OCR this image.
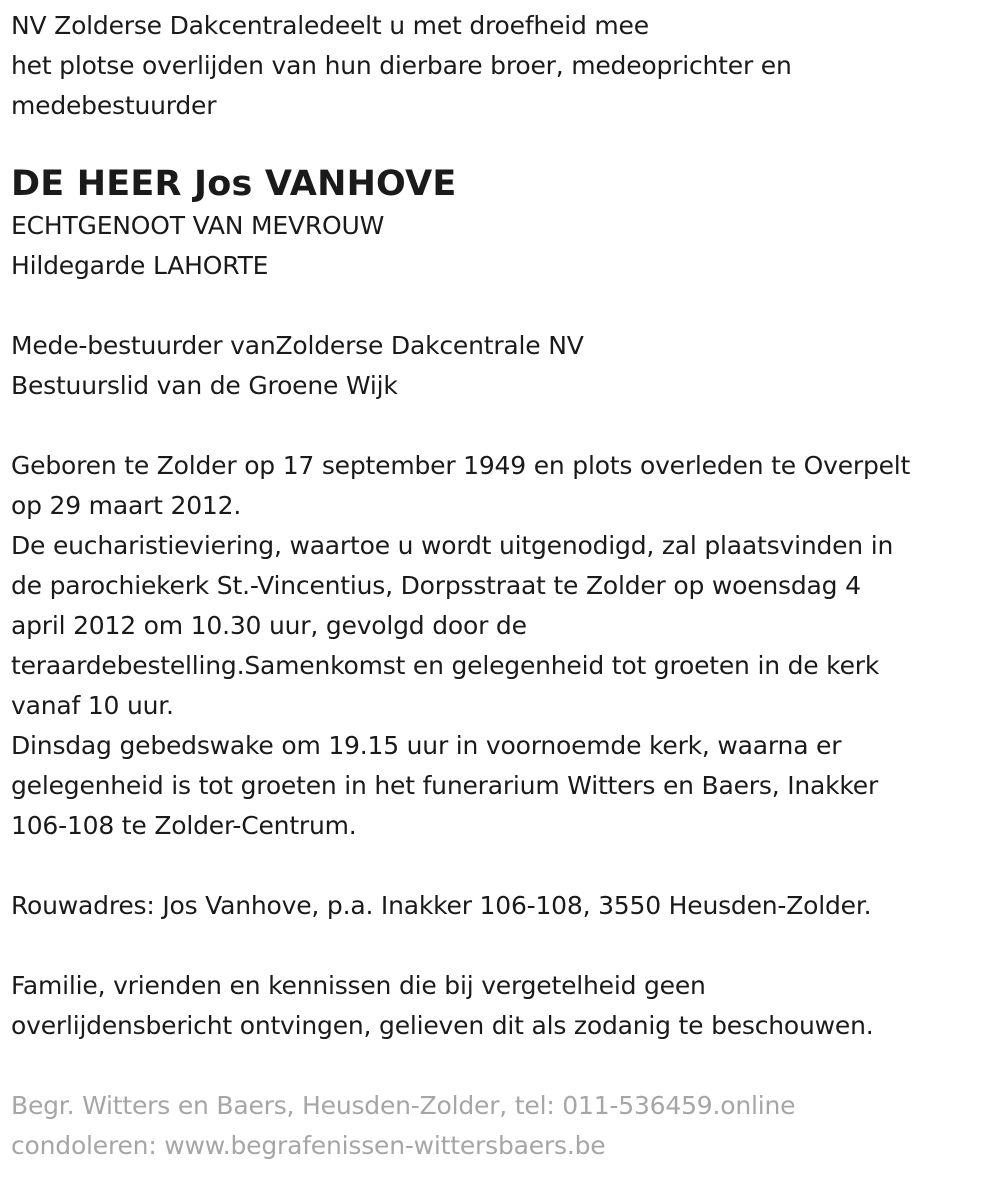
NV Zolderse Dakcentraledeelt u met droefheid mee
het plotse overlijden van hun dierbare broer, medeoprichter en
medebestuurder
DE HEER Jos VANHOVE
ECHTGENOOT VAN MEVROUW
Hildegarde LAHORTE
Mede-bestuurder vanZolderse Dakcentrale NV
Bestuurslid van de Groene Wijk
Geboren te Zolder op 17 september 1949 en plots overleden te Overpelt
op 29 maart 2012.
De eucharistieviering, waartoe u wordt uitgenodigd, zal plaatsvinden in
de parochiekerk St.-Vincentius, Dorpsstraat te Zolder op woensdag 4
april 2012 om 10.30 uur, gevolgd door de
teraardebestelling.Samenkomst en gelegenheid tot groeten in de kerk
vanaf 10 uur.
Dinsdag gebedswake om 19.15 uur in voornoemde kerk, waarna er
gelegenheid is tot groeten in het funerarium Witters en Baers, Inakker
106-108 te Zolder-Centrum.
Rouwadres: Jos Vanhove, p.a. Inakker 106-108, 3550 Heusden-Zolder.
Familie, vrienden en kennissen die bij vergetelheid geen
overlijdensbericht ontvingen, gelieven dit als zodanig te beschouwen.
Begr. Witters en Baers, Heusden-Zolder, tel: 011-536459.online
condoleren: www.begrafenissen-wittersbaers.be
